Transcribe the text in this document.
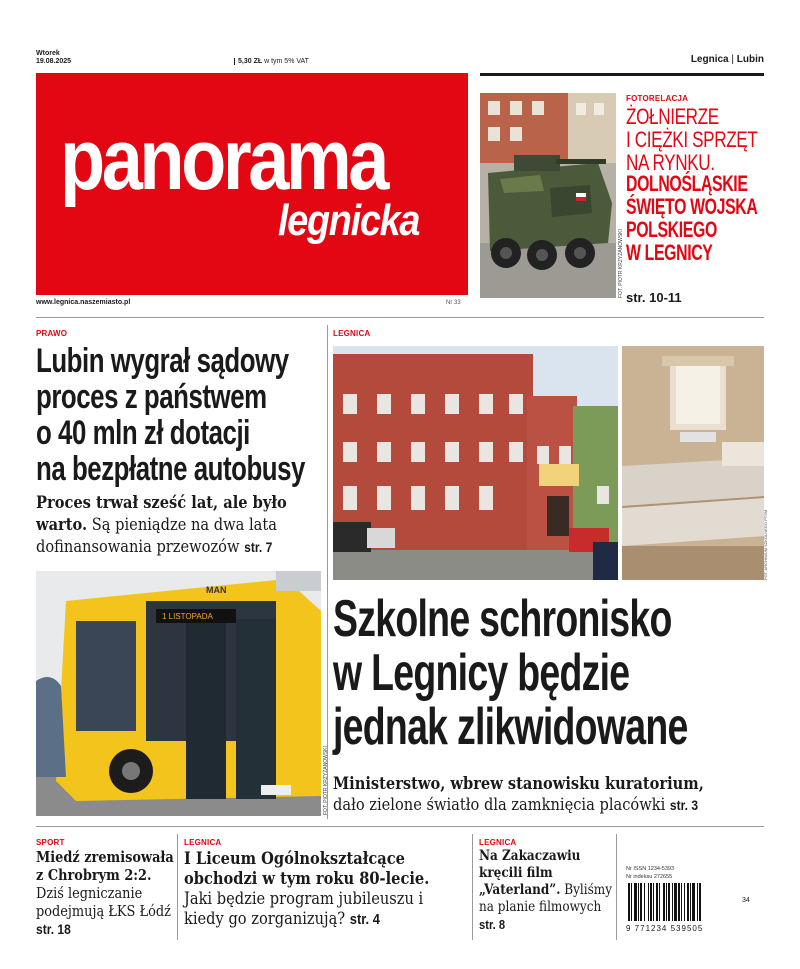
Wtorek
19.08.2025	5,30 ZŁ w tym 5% VAT	Legnica | Lubin
panorama
legnicka
www.legnica.naszemiasto.pl	Nr 33
FOT. PIOTR KRZYŻANOWSKI
FOTORELACJA
ŻOŁNIERZE
I CIĘŻKI SPRZĘT
NA RYNKU.
DOLNOŚLĄSKIE
ŚWIĘTO WOJSKA
POLSKIEGO
W LEGNICY
str. 10-11
PRAWO
Lubin wygrał sądowy
proces z państwem
o 40 mln zł dotacji
na bezpłatne autobusy
Proces trwał sześć lat, ale było warto. Są pieniądze na dwa lata dofinansowania przewozów str. 7
1 LISTOPADA
MAN
FOT. PIOTR KRZYŻANOWSKI
LEGNICA
FOT. ARCHIWUM SZKOLNEGO PTSM
Szkolne schronisko
w Legnicy będzie
jednak zlikwidowane
Ministerstwo, wbrew stanowisku kuratorium,
dało zielone światło dla zamknięcia placówki str. 3
SPORT
Miedź zremisowała z Chrobrym 2:2. Dziś legniczanie podejmują ŁKS Łódź str. 18
LEGNICA
I Liceum Ogólnokształcące obchodzi w tym roku 80-lecie. Jaki będzie program jubileuszu i kiedy go zorganizują? str. 4
LEGNICA
Na Zakaczawiu kręcili film „Vaterland”. Byliśmy na planie filmowych str. 8
Nr ISSN 1234-5393
Nr indeksu 272655
34
9 771234 539505
